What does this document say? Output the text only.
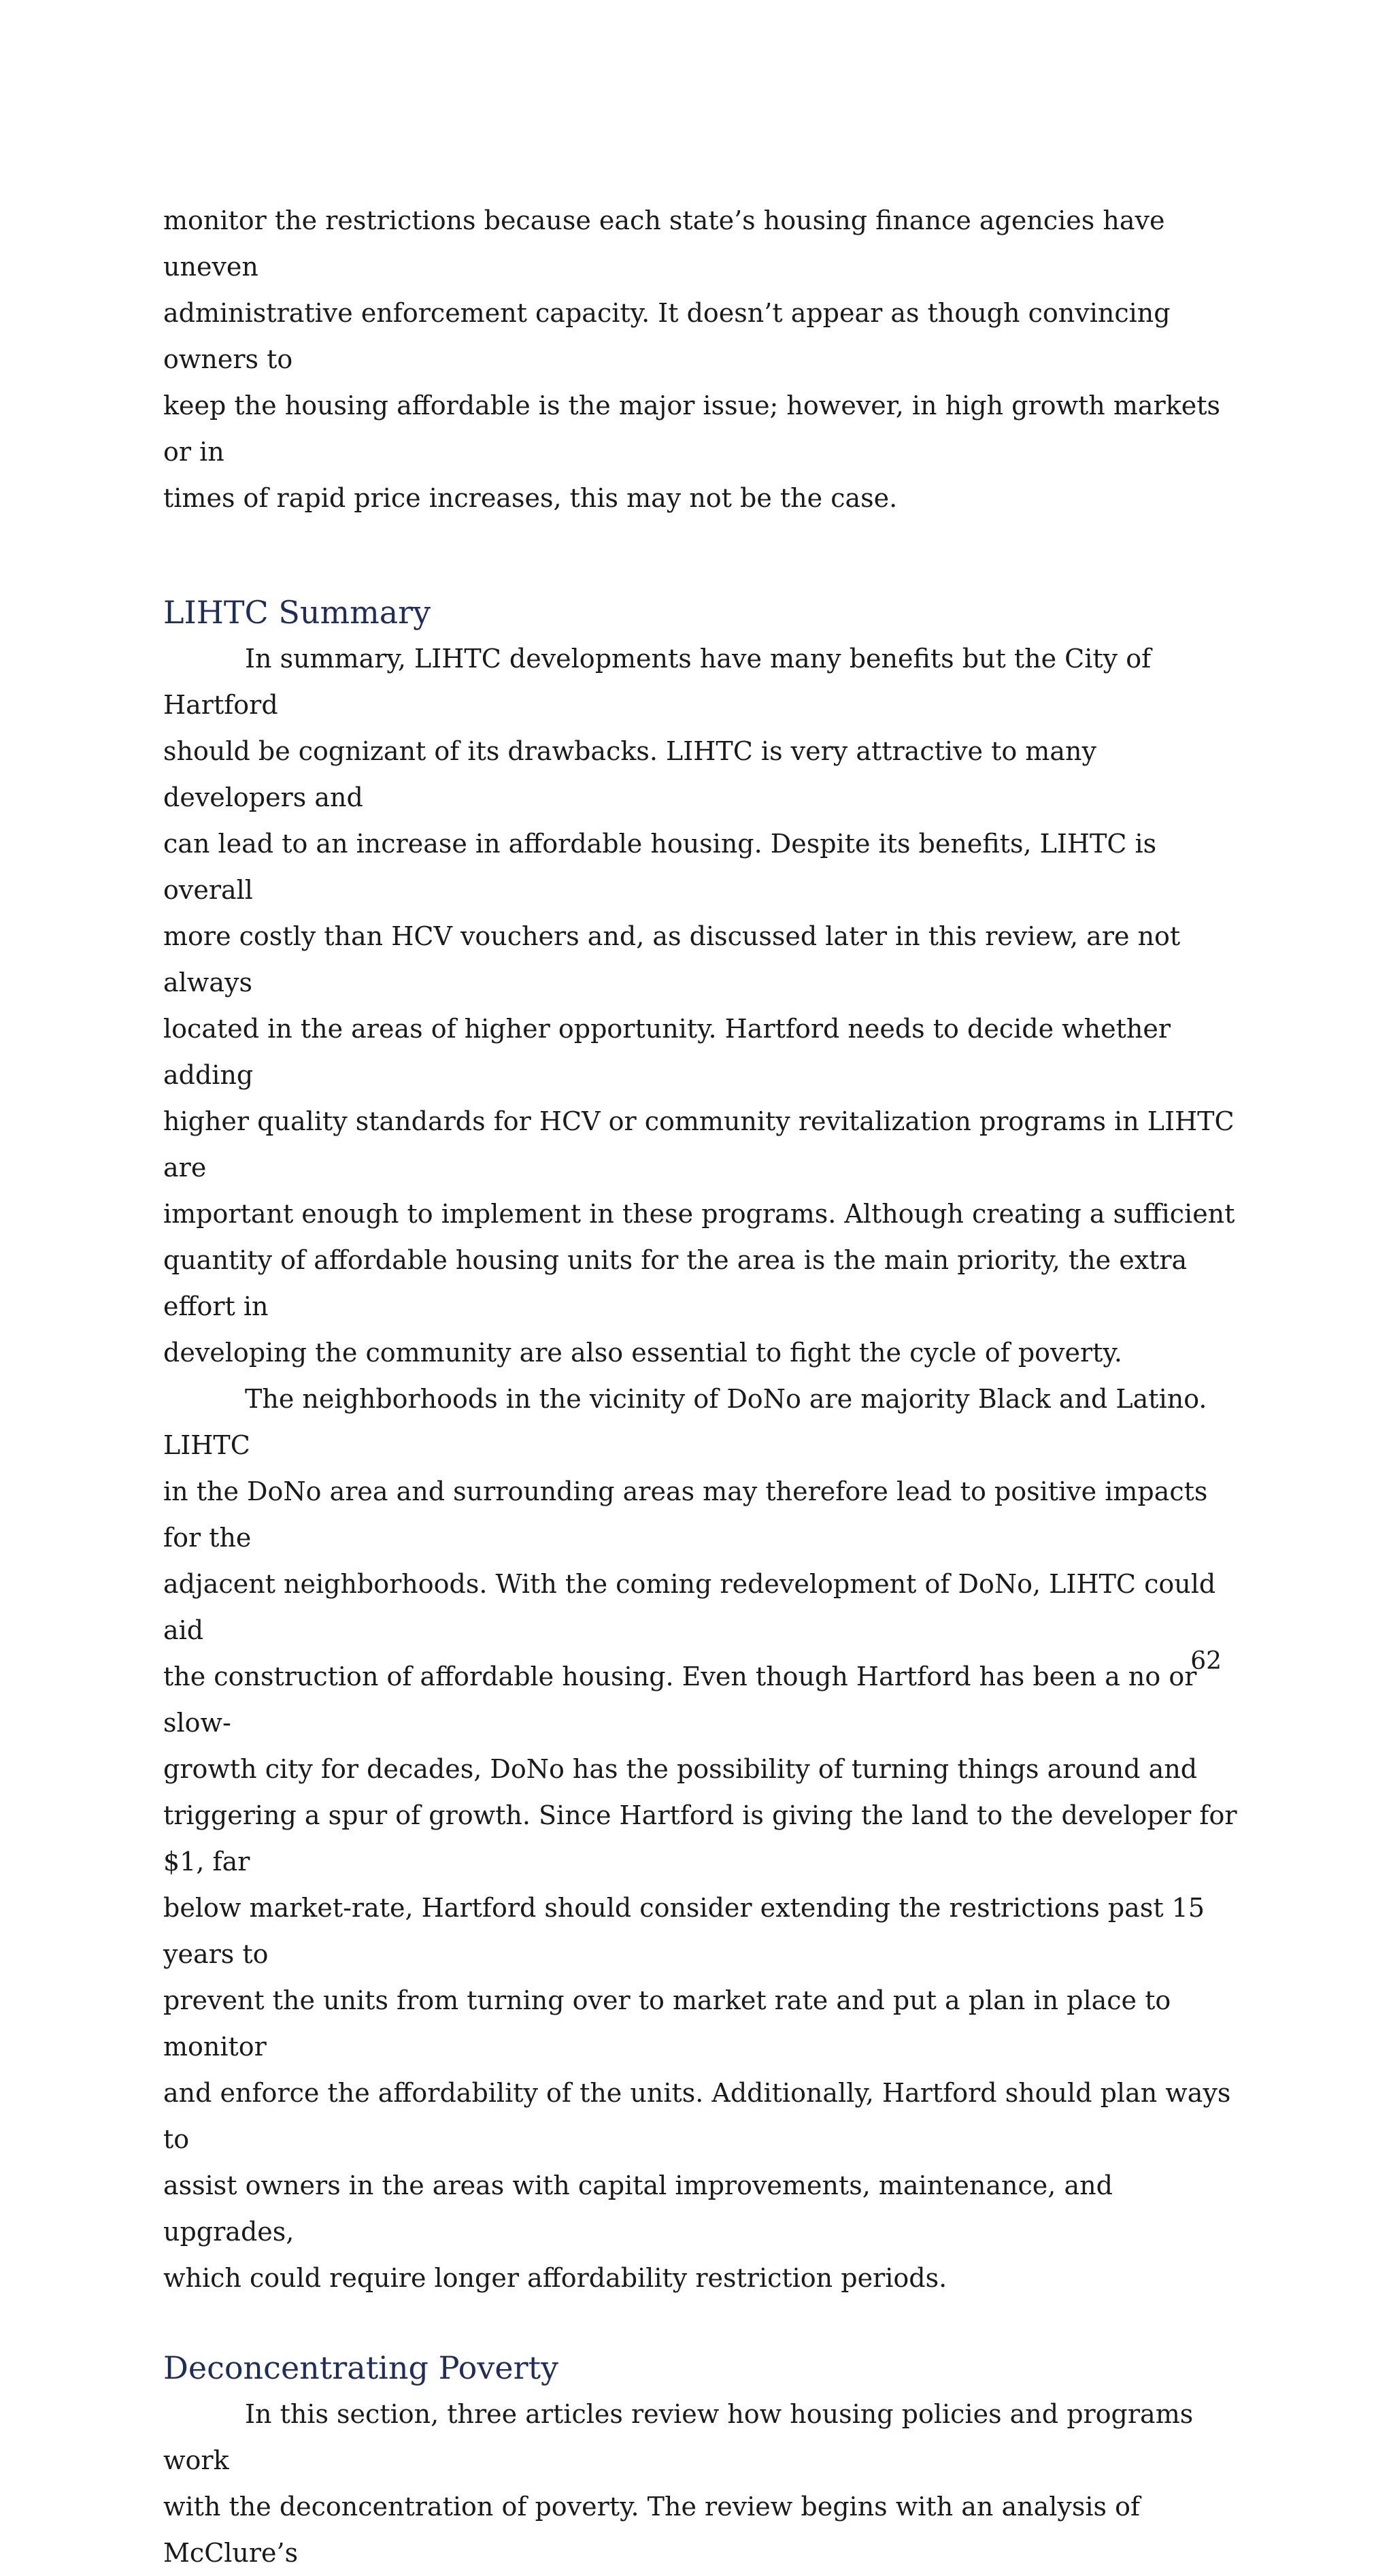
monitor the restrictions because each state’s housing finance agencies have uneven
administrative enforcement capacity. It doesn’t appear as though convincing owners to
keep the housing affordable is the major issue; however, in high growth markets or in
times of rapid price increases, this may not be the case.

LIHTC Summary

In summary, LIHTC developments have many benefits but the City of Hartford
should be cognizant of its drawbacks. LIHTC is very attractive to many developers and
can lead to an increase in affordable housing. Despite its benefits, LIHTC is overall
more costly than HCV vouchers and, as discussed later in this review, are not always
located in the areas of higher opportunity. Hartford needs to decide whether adding
higher quality standards for HCV or community revitalization programs in LIHTC are
important enough to implement in these programs. Although creating a sufficient
quantity of affordable housing units for the area is the main priority, the extra effort in
developing the community are also essential to fight the cycle of poverty.

The neighborhoods in the vicinity of DoNo are majority Black and Latino. LIHTC
in the DoNo area and surrounding areas may therefore lead to positive impacts for the
adjacent neighborhoods. With the coming redevelopment of DoNo, LIHTC could aid
the construction of affordable housing. Even though Hartford has been a no or slow-
growth city for decades, DoNo has the possibility of turning things around and
triggering a spur of growth. Since Hartford is giving the land to the developer for $1, far
below market-rate, Hartford should consider extending the restrictions past 15 years to
prevent the units from turning over to market rate and put a plan in place to monitor
and enforce the affordability of the units. Additionally, Hartford should plan ways to
assist owners in the areas with capital improvements, maintenance, and upgrades,
which could require longer affordability restriction periods.

Deconcentrating Poverty

In this section, three articles review how housing policies and programs work
with the deconcentration of poverty. The review begins with an analysis of McClure’s

62
